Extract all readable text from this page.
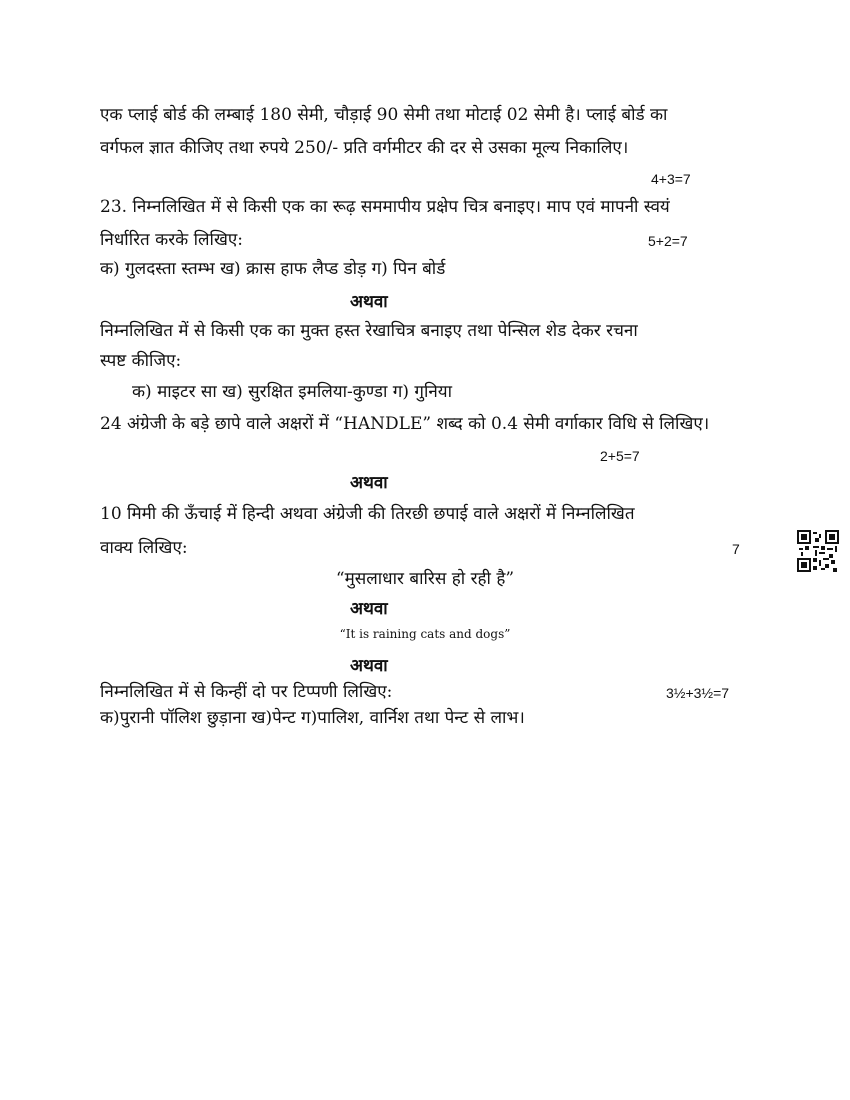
एक प्लाई बोर्ड की लम्बाई 180 सेमी, चौड़ाई 90 सेमी तथा मोटाई 02 सेमी है। प्लाई बोर्ड का
वर्गफल ज्ञात कीजिए तथा रुपये 250/- प्रति वर्गमीटर की दर से उसका मूल्य निकालिए।
4+3=7
23. निम्नलिखित में से किसी एक का रूढ़ सममापीय प्रक्षेप चित्र बनाइए। माप एवं मापनी स्वयं
निर्धारित करके लिखिए:	5+2=7
क) गुलदस्ता स्तम्भ ख) क्रास हाफ लैप्ड डोड़ ग) पिन बोर्ड
अथवा
निम्नलिखित में से किसी एक का मुक्त हस्त रेखाचित्र बनाइए तथा पेन्सिल शेड देकर रचना
स्पष्ट कीजिए:
क) माइटर सा ख) सुरक्षित इमलिया-कुण्डा ग) गुनिया
24 अंग्रेजी के बड़े छापे वाले अक्षरों में “HANDLE” शब्द को 0.4 सेमी वर्गाकार विधि से लिखिए।
2+5=7
अथवा
10 मिमी की ऊँचाई में हिन्दी अथवा अंग्रेजी की तिरछी छपाई वाले अक्षरों में निम्नलिखित
वाक्य लिखिए:	7
“मुसलाधार बारिस हो रही है”
अथवा
“It is raining cats and dogs”
अथवा
निम्नलिखित में से किन्हीं दो पर टिप्पणी लिखिए:	3½+3½=7
क)पुरानी पॉलिश छुड़ाना ख)पेन्ट ग)पालिश, वार्निश तथा पेन्ट से लाभ।
